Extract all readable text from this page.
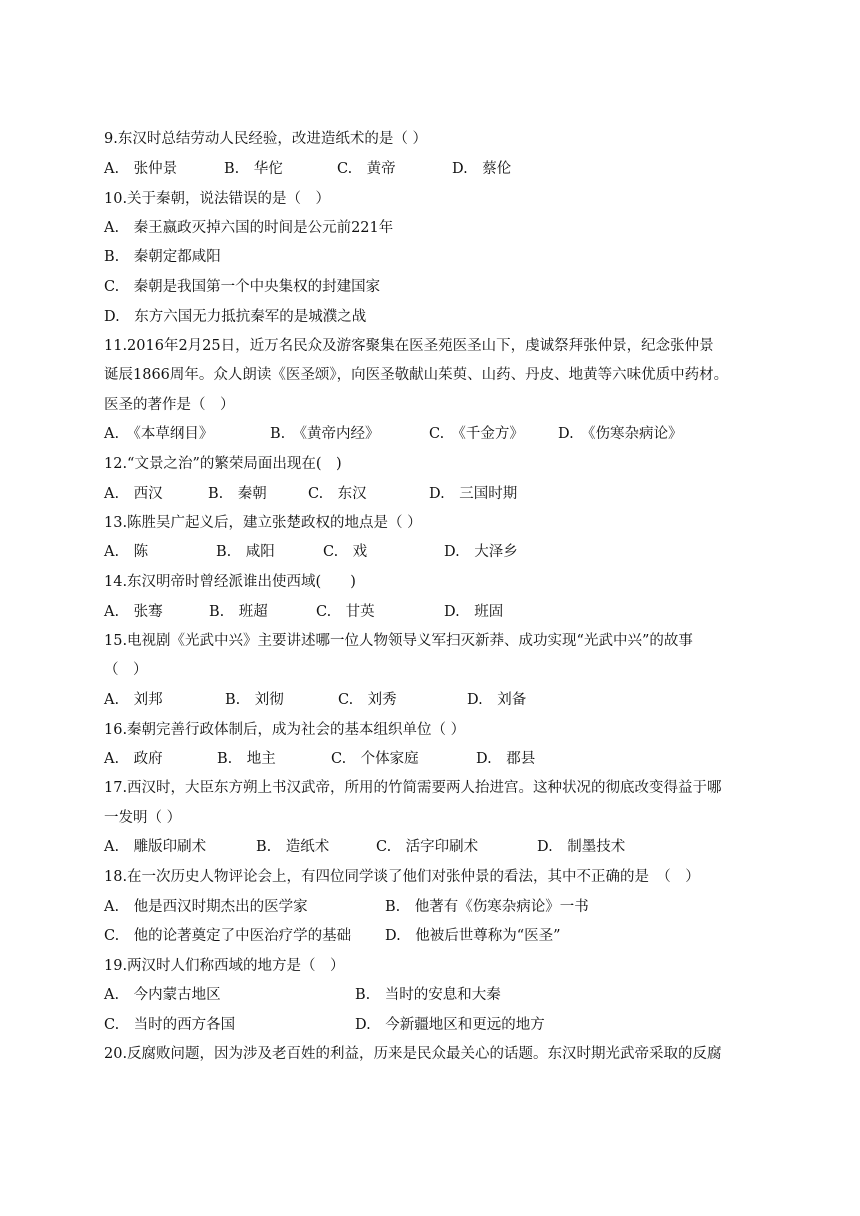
9.东汉时总结劳动人民经验，改进造纸术的是（ ）
A.　张仲景	B.　华佗	C.　黄帝	D.　蔡伦
10.关于秦朝，说法错误的是（　）
A.　秦王嬴政灭掉六国的时间是公元前221年
B.　秦朝定都咸阳
C.　秦朝是我国第一个中央集权的封建国家
D.　东方六国无力抵抗秦军的是城濮之战
11.2016年2月25日，近万名民众及游客聚集在医圣苑医圣山下，虔诚祭拜张仲景，纪念张仲景
诞辰1866周年。众人朗读《医圣颂》，向医圣敬献山茱萸、山药、丹皮、地黄等六味优质中药材。
医圣的著作是（　）
A.　《本草纲目》	B.　《黄帝内经》	C.　《千金方》 D.　《伤寒杂病论》
12.“文景之治”的繁荣局面出现在(　)
A.　西汉	B.　秦朝	C.　东汉	D.　三国时期
13.陈胜吴广起义后，建立张楚政权的地点是（ ）
A.　陈	B.　咸阳	C.　戏	D.　大泽乡
14.东汉明帝时曾经派谁出使西域(　　)
A.　张骞	B.　班超	C.　甘英	D.　班固
15.电视剧《光武中兴》主要讲述哪一位人物领导义军扫灭新莽、成功实现“光武中兴”的故事
（　）
A.　刘邦	B.　刘彻	C.　刘秀	D.　刘备
16.秦朝完善行政体制后，成为社会的基本组织单位（ ）
A.　政府	B.　地主	C.　个体家庭	D.　郡县
17.西汉时，大臣东方朔上书汉武帝，所用的竹简需要两人抬进宫。这种状况的彻底改变得益于哪
一发明（ ）
A.　雕版印刷术	B.　造纸术	C.　活字印刷术	D.　制墨技术
18.在一次历史人物评论会上，有四位同学谈了他们对张仲景的看法，其中不正确的是　（　）
A.　他是西汉时期杰出的医学家	B.　他著有《伤寒杂病论》一书
C.　他的论著奠定了中医治疗学的基础 D.　他被后世尊称为“医圣”
19.两汉时人们称西域的地方是（　）
A.　今内蒙古地区	B.　当时的安息和大秦
C.　当时的西方各国	D.　今新疆地区和更远的地方
20.反腐败问题，因为涉及老百姓的利益，历来是民众最关心的话题。东汉时期光武帝采取的反腐
